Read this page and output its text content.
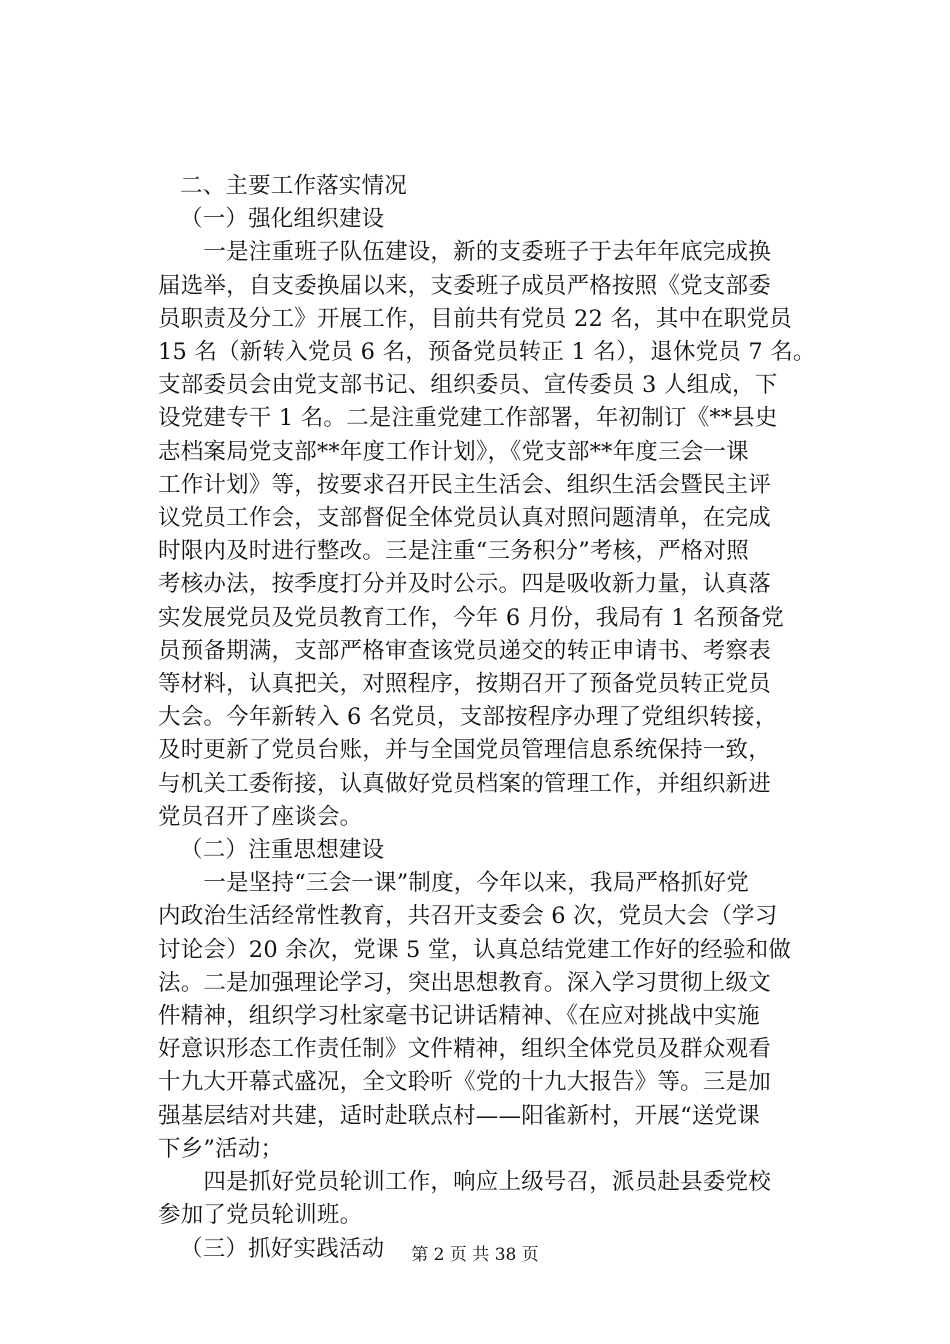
二、主要工作落实情况
（一）强化组织建设
　　一是注重班子队伍建设，新的支委班子于去年年底完成换
届选举，自支委换届以来，支委班子成员严格按照《党支部委
员职责及分工》开展工作，目前共有党员 22 名，其中在职党员
15 名（新转入党员 6 名，预备党员转正 1 名），退休党员 7 名。
支部委员会由党支部书记、组织委员、宣传委员 3 人组成，下
设党建专干 1 名。二是注重党建工作部署，年初制订《**县史
志档案局党支部**年度工作计划》，《党支部**年度三会一课
工作计划》等，按要求召开民主生活会、组织生活会暨民主评
议党员工作会，支部督促全体党员认真对照问题清单，在完成
时限内及时进行整改。三是注重“三务积分”考核，严格对照
考核办法，按季度打分并及时公示。四是吸收新力量，认真落
实发展党员及党员教育工作，今年 6 月份，我局有 1 名预备党
员预备期满，支部严格审查该党员递交的转正申请书、考察表
等材料，认真把关，对照程序，按期召开了预备党员转正党员
大会。今年新转入 6 名党员，支部按程序办理了党组织转接，
及时更新了党员台账，并与全国党员管理信息系统保持一致，
与机关工委衔接，认真做好党员档案的管理工作，并组织新进
党员召开了座谈会。
（二）注重思想建设
　　一是坚持“三会一课”制度，今年以来，我局严格抓好党
内政治生活经常性教育，共召开支委会 6 次，党员大会（学习
讨论会）20 余次，党课 5 堂，认真总结党建工作好的经验和做
法。二是加强理论学习，突出思想教育。深入学习贯彻上级文
件精神，组织学习杜家毫书记讲话精神、《在应对挑战中实施
好意识形态工作责任制》文件精神，组织全体党员及群众观看
十九大开幕式盛况，全文聆听《党的十九大报告》等。三是加
强基层结对共建，适时赴联点村——阳雀新村，开展“送党课
下乡”活动；
　　四是抓好党员轮训工作，响应上级号召，派员赴县委党校
参加了党员轮训班。
（三）抓好实践活动	第 2 页 共 38 页
